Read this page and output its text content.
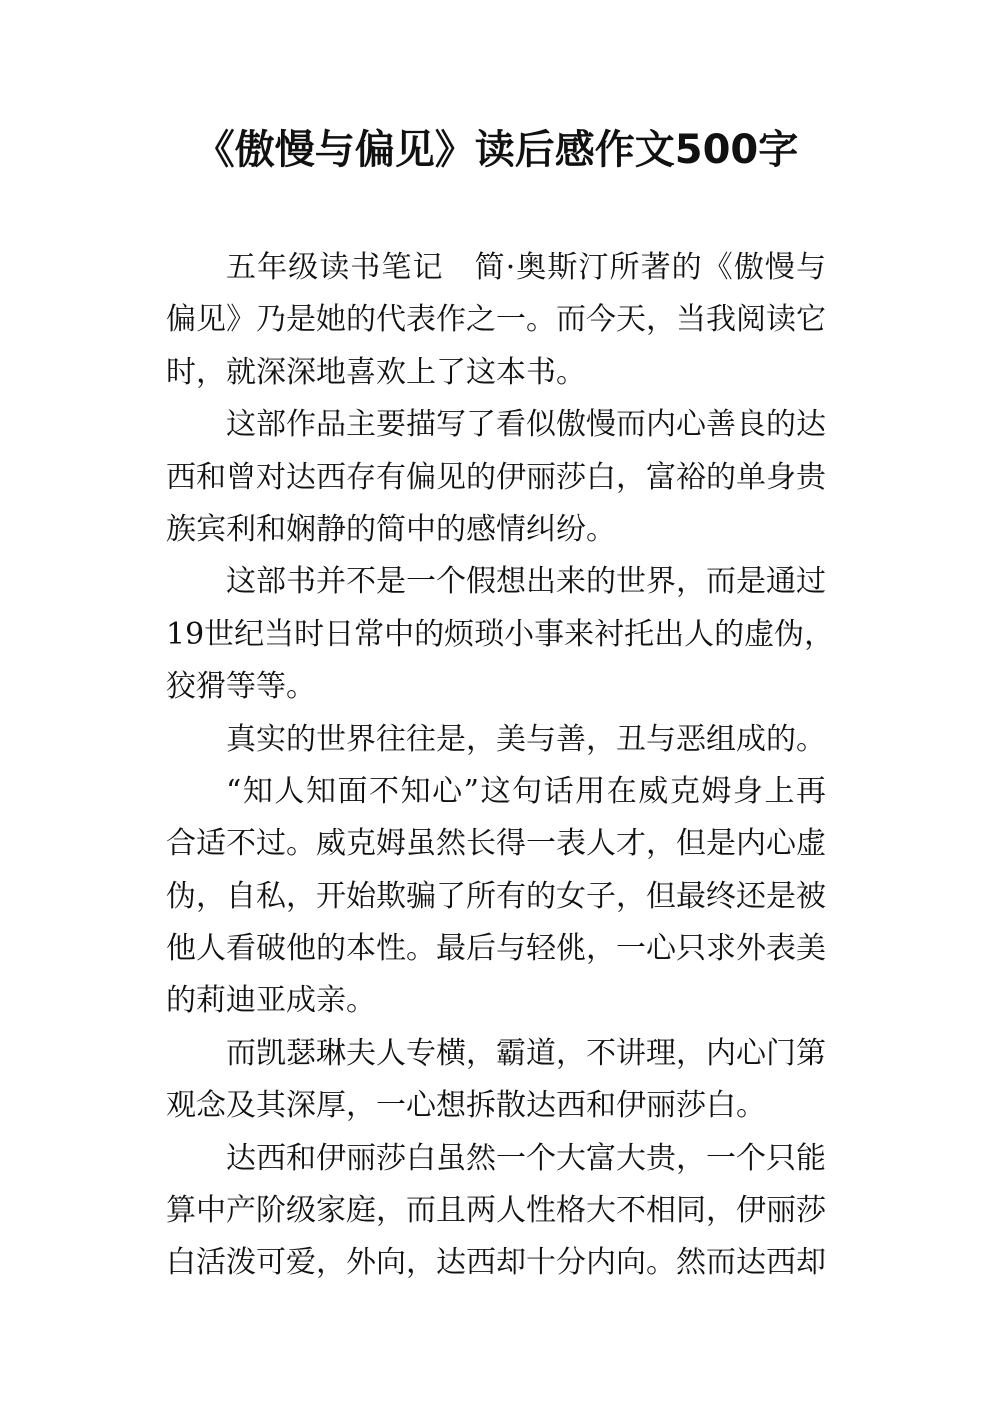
《傲慢与偏见》读后感作文500字
五年级读书笔记　简·奥斯汀所著的《傲慢与
偏见》乃是她的代表作之一。而今天，当我阅读它
时，就深深地喜欢上了这本书。
这部作品主要描写了看似傲慢而内心善良的达
西和曾对达西存有偏见的伊丽莎白，富裕的单身贵
族宾利和娴静的简中的感情纠纷。
这部书并不是一个假想出来的世界，而是通过
19世纪当时日常中的烦琐小事来衬托出人的虚伪，
狡猾等等。
真实的世界往往是，美与善，丑与恶组成的。
“知人知面不知心”这句话用在威克姆身上再
合适不过。威克姆虽然长得一表人才，但是内心虚
伪，自私，开始欺骗了所有的女子，但最终还是被
他人看破他的本性。最后与轻佻，一心只求外表美
的莉迪亚成亲。
而凯瑟琳夫人专横，霸道，不讲理，内心门第
观念及其深厚，一心想拆散达西和伊丽莎白。
达西和伊丽莎白虽然一个大富大贵，一个只能
算中产阶级家庭，而且两人性格大不相同，伊丽莎
白活泼可爱，外向，达西却十分内向。然而达西却
